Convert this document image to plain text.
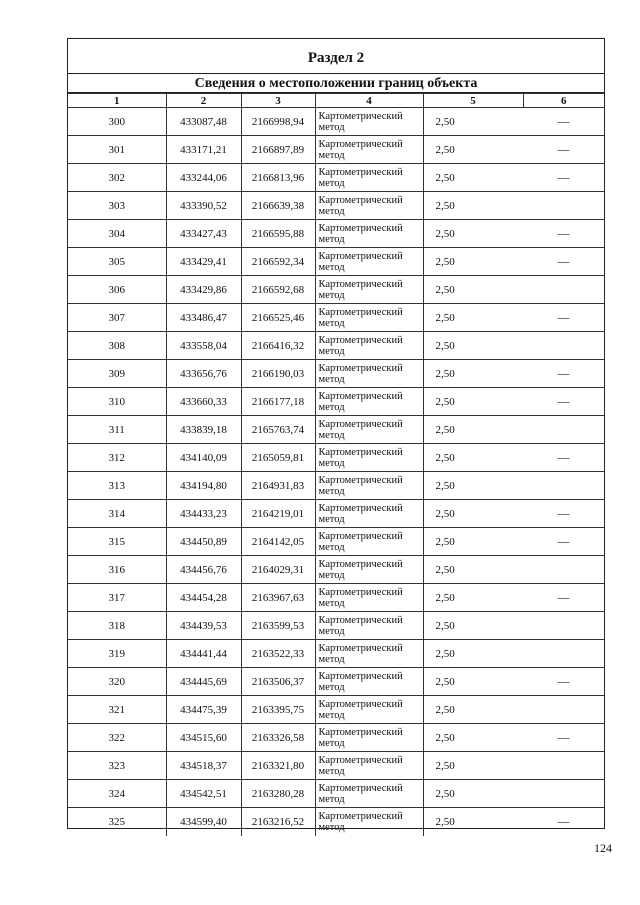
Раздел 2
Сведения о местоположении границ объекта
1	2	3	4	5	6
300	433087,48	2166998,94	Картометрический метод	2,50	—
301	433171,21	2166897,89	Картометрический метод	2,50	—
302	433244,06	2166813,96	Картометрический метод	2,50	—
303	433390,52	2166639,38	Картометрический метод	2,50	
304	433427,43	2166595,88	Картометрический метод	2,50	—
305	433429,41	2166592,34	Картометрический метод	2,50	—
306	433429,86	2166592,68	Картометрический метод	2,50	
307	433486,47	2166525,46	Картометрический метод	2,50	—
308	433558,04	2166416,32	Картометрический метод	2,50	
309	433656,76	2166190,03	Картометрический метод	2,50	—
310	433660,33	2166177,18	Картометрический метод	2,50	—
311	433839,18	2165763,74	Картометрический метод	2,50	
312	434140,09	2165059,81	Картометрический метод	2,50	—
313	434194,80	2164931,83	Картометрический метод	2,50	
314	434433,23	2164219,01	Картометрический метод	2,50	—
315	434450,89	2164142,05	Картометрический метод	2,50	—
316	434456,76	2164029,31	Картометрический метод	2,50	
317	434454,28	2163967,63	Картометрический метод	2,50	—
318	434439,53	2163599,53	Картометрический метод	2,50	
319	434441,44	2163522,33	Картометрический метод	2,50	
320	434445,69	2163506,37	Картометрический метод	2,50	—
321	434475,39	2163395,75	Картометрический метод	2,50	
322	434515,60	2163326,58	Картометрический метод	2,50	—
323	434518,37	2163321,80	Картометрический метод	2,50	
324	434542,51	2163280,28	Картометрический метод	2,50	
325	434599,40	2163216,52	Картометрический метод	2,50	—
124
